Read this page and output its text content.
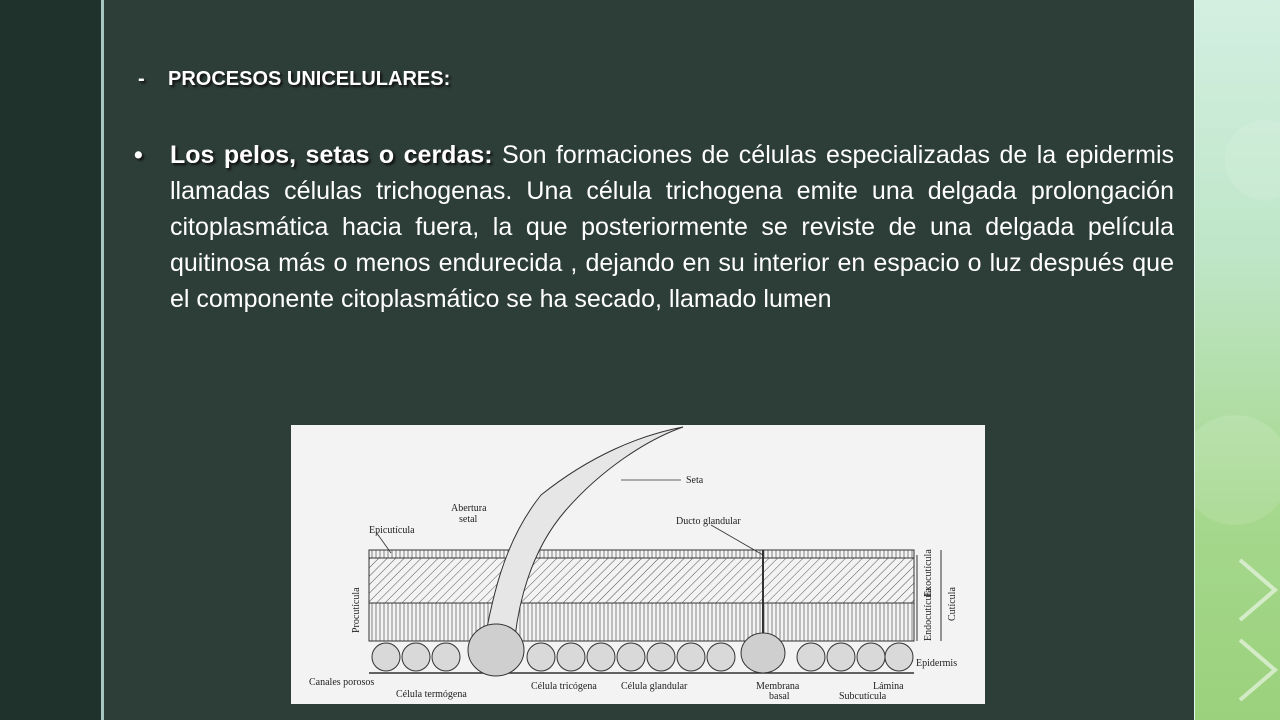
- PROCESOS UNICELULARES:
• Los pelos, setas o cerdas: Son formaciones de células especializadas de la epidermis llamadas células trichogenas. Una célula trichogena emite una delgada prolongación citoplasmática hacia fuera, la que posteriormente se reviste de una delgada película quitinosa más o menos endurecida , dejando en su interior en espacio o luz después que el componente citoplasmático se ha secado, llamado lumen
Seta
Abertura
setal
Epicutícula
Ducto glandular
Procutícula
Exocutícula
Endocutícula Cutícula
Epidermis
Canales porosos
Célula termógena
Célula tricógena Célula glandular	Membrana
basal
Lámina
Subcutícula
